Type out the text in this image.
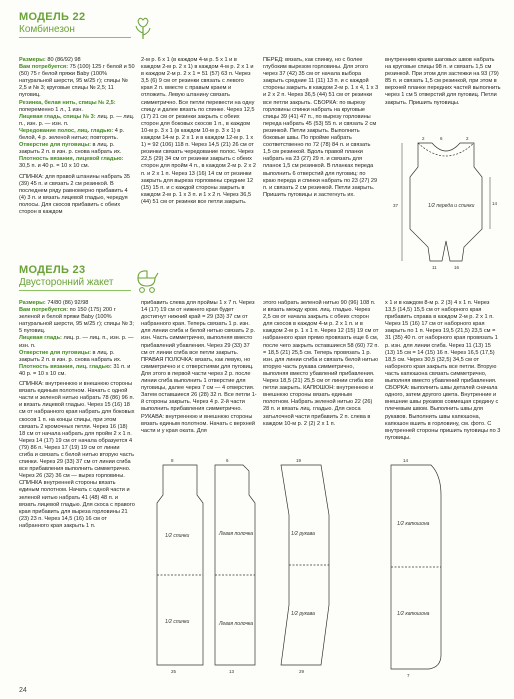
МОДЕЛЬ 22
Комбинезон

Размеры: 80 (86/92) 98

Вам потребуется: 75 (100) 125 г белой и 50 (50) 75 г белой пряжи Baby (100% натуральной шерсти, 95 м/25 г); спицы № 2,5 и № 3; круговые спицы № 2,5; 11 пуговиц.

Резинка, белая нить, спицы № 2,5: попеременно 1 л., 1 изн.

Лицевая гладь, спицы № 3: лиц. р. — лиц. п., изн. р. — изн. п.

Чередование полос, лиц. гладью: 4 р. белой, 4 р. зеленой нитью; повторять.

Отверстие для пуговицы: в лиц. р. закрыть 2 п. в изн. р. снова набрать их.

Плотность вязания, лицевой гладью: 30,5 п. и 40 р. = 10 х 10 см.

СПИНКА: для правой штанины набрать 35 (39) 45 п. и связать 2 см резинкой. В последнем ряду равномерно прибавить 4 (4) 3 п. и вязать лицевой гладью, чередуя полосы. Для скосов прибавить с обеих сторон в каждом

2-м р. 6 х 1 (в каждом 4-м р. 5 х 1 и в каждом 2-м р. 2 х 1) в каждом 4-м р. 2 х 1 и в каждом 2-м р. 2 х 1 = 51 (57) 63 п. Через 3,5 (6) 9 см от резинки связать с левого края 2 п. вместе с правым краем и отложить. Левую штанину связать симметрично. Все петли перевести на одну спицу и далее вязать по спинке. Через 12,5 (17) 21 см от резинки закрыть с обеих сторон для боковых скосов 1 п., в каждом 10-м р. 3 х 1 (в каждом 10-м р. 3 х 1) в каждом 14-м р. 2 х 1 и в каждом 12-м р. 1 х 1) = 92 (106) 118 п. Через 14,5 (21) 26 см от резинки связать чередование полос. Через 22,5 (29) 34 см от резинки закрыть с обеих сторон для пройм 4 п., в каждом 2-м р. 2 х 2 п. и 2 х 1 п. Через 13 (16) 14 см от резинки закрыть для выреза горловины средние 12 (15) 15 п. и с каждой стороны закрыть в каждом 2-м р. 1 х 3 п. и 1 х 2 п. Через 36,5 (44) 51 см от резинки все петли закрыть.
ПЕРЕД: вязать, как спинку, но с более глубоким вырезом горловины. Для этого через 37 (42) 35 см от начала выбора закрыть средние 11 (11) 13 п. и с каждой стороны закрыть в каждом 2-м р. 1 х 4, 1 х 3 и 2 х 2 п. Через 36,5 (44) 51 см от резинки все петли закрыть. СБОРКА: по вырезу горловины спинки набрать на круговые спицы 39 (41) 47 п., по вырезу горловины переда набрать 45 (53) 55 п. и связать 2 см резинкой. Петли закрыть. Выполнить боковые швы. По пройме набрать соответственно по 72 (78) 84 п. и связать 1,5 см резинкой. Вдоль правой планки набрать на 23 (27) 29 п. и связать для планок 1,5 см резинкой. В планках переда выполнить 6 отверстий для пуговиц: по краю переда и спинки набрать по 23 (27) 29 п. и связать 2 см резинкой. Петли закрыть. Пришить пуговицы и застегнуть их.
внутренним краям шаговых швов набрать на круговые спицы 98 п. и связать 1,5 см резинкой. При этом для застежки на 93 (79) 85 п. и связать 1,5 см резинкой, при этом в верхней планке передних частей выполнить через 1 см 5 отверстий для пуговиц. Петли закрыть. Пришить пуговицы.
6
2	2
37	14
11	16
1/2 переда и спинки
МОДЕЛЬ 23
Двусторонний жакет

Размеры: 74/80 (86) 92/98

Вам потребуется: по 150 (175) 200 г зеленой и белой пряжи Baby (100% натуральной шерсти, 95 м/25 г); спицы № 3; 5 пуговиц.

Лицевая гладь: лиц. р. — лиц. п., изн. р. — изн. п.

Отверстие для пуговицы: в лиц. р. закрыть 2 п. в изн. р. снова набрать их.

Плотность вязания, лиц. гладью: 31 п. и 40 р. = 10 х 10 см.

СПИНКА: внутреннюю и внешнюю стороны вязать единым полотном. Начать с одной части и зеленой нитью набрать 78 (86) 96 п. и вязать лицевой гладью. Через 15 (16) 18 см от набранного края набрать для боковых скосов 1 п. на концы спицы, при этом связать 2 кромочных петли. Через 16 (18) 18 см от начала набрать для пройм 2 х 1 п. Через 14 (17) 19 см от начала образуется 4 (79) 86 п. Через 17 (19) 19 см от линии сгиба и связать с белой нитью вторую часть спинки. Через 29 (33) 37 см от линии сгиба все прибавления выполнить симметрично. Через 26 (32) 36 см — вырез горловины. СПИНКА внутренней стороны вязать единым полотном. Начать с одной части и зеленой нитью набрать 41 (48) 48 п. и вязать лицевой гладью. Для скоса с правого края прибавить для выреза горловины 21 (23) 23 п. Через 14,5 (16) 16 см от набранного края закрыть 1 п.

прибавить слева для проймы 1 х 7 п. Через 14 (17) 19 см от нижнего края будет достигнут нижний край = 29 (33) 37 см от набранного края. Теперь связать 1 р. изн. для линии сгиба и белой нитью связать 2 р. изн. Часть симметрично, выполняя вместо прибавлений убавления. Через 29 (33) 37 см от линии сгиба все петли закрыть. ПРАВАЯ ПОЛОЧКА: вязать, как левую, но симметрично и с отверстиями для пуговиц. Для этого в первой части через 2 р. после линии сгиба выполнить 1 отверстие для пуговицы, далее через 7 см — 4 отверстия. Затем оставшиеся 26 (28) 32 п. Все петли 1-й стороны закрыть. Через 4 р. 2-й части выполнить прибавления симметрично. РУКАВА: внутреннюю и внешнюю стороны вязать единым полотном. Начать с верхней части и у края оката. Для
этого набрать зеленой нитью 90 (96) 108 п. и вязать между кром. лиц. гладью. Через 2,5 см от начала закрыть с обеих сторон для скосов в каждом 4-м р. 2 х 1 п. и в каждом 2-м р. 1 х 1 п. Через 12 (15) 19 см от набранного края прямо провязать еще 6 см, после чего закрыть оставшиеся 58 (60) 72 п. = 18,5 (21) 25,5 см. Теперь провязать 1 р. изн. для линии сгиба и связать белой нитью вторую часть рукава симметрично, выполняя вместо убавлений прибавления. Через 18,5 (21) 25,5 см от линии сгиба все петли закрыть. КАПЮШОН: внутреннюю и внешнюю стороны вязать единым полотном. Набрать зеленой нитью 22 (26) 28 п. и вязать лиц. гладью. Для скоса затылочной части прибавить 2 п. слева в каждом 10-м р. 2 (2) 2 х 1 п.
х 1 и в каждом 8-м р. 2 (3) 4 х 1 п. Через 13,5 (14,5) 15,5 см от наборного края прибавить справа в каждом 2-м р. 2 х 1 п. Через 15 (16) 17 см от наборного края закрыть по 1 п. Через 19,5 (21,5) 23,5 см = 31 (35) 40 п. от наборного края провязать 1 р. изн. для линии сгиба. Через 11 (13) 15 (13) 15 см = 14 (15) 16 п. Через 16,5 (17,5) 18,5 см. Через 30,5 (32,5) 34,5 см от наборного края закрыть все петли. Вторую часть капюшона связать симметрично, выполняя вместо убавлений прибавления. СБОРКА: выполнить швы деталей сначала одного, затем другого цвета. Внутренние и внешние швы рукавов совмещая средину с плечевым швом. Выполнить швы для рукавов. Выполнить швы капюшона, капюшон вшить в горловину, см. фото. С внутренней стороны пришить пуговицы по 3 пуговицы.
8	6	19	14
25	13	29
7
1/2 спинки
1/2 спинки
Левая полочка
Левая полочка
1/2 рукава
1/2 рукава
1/2 капюшона
1/2 капюшона
24
